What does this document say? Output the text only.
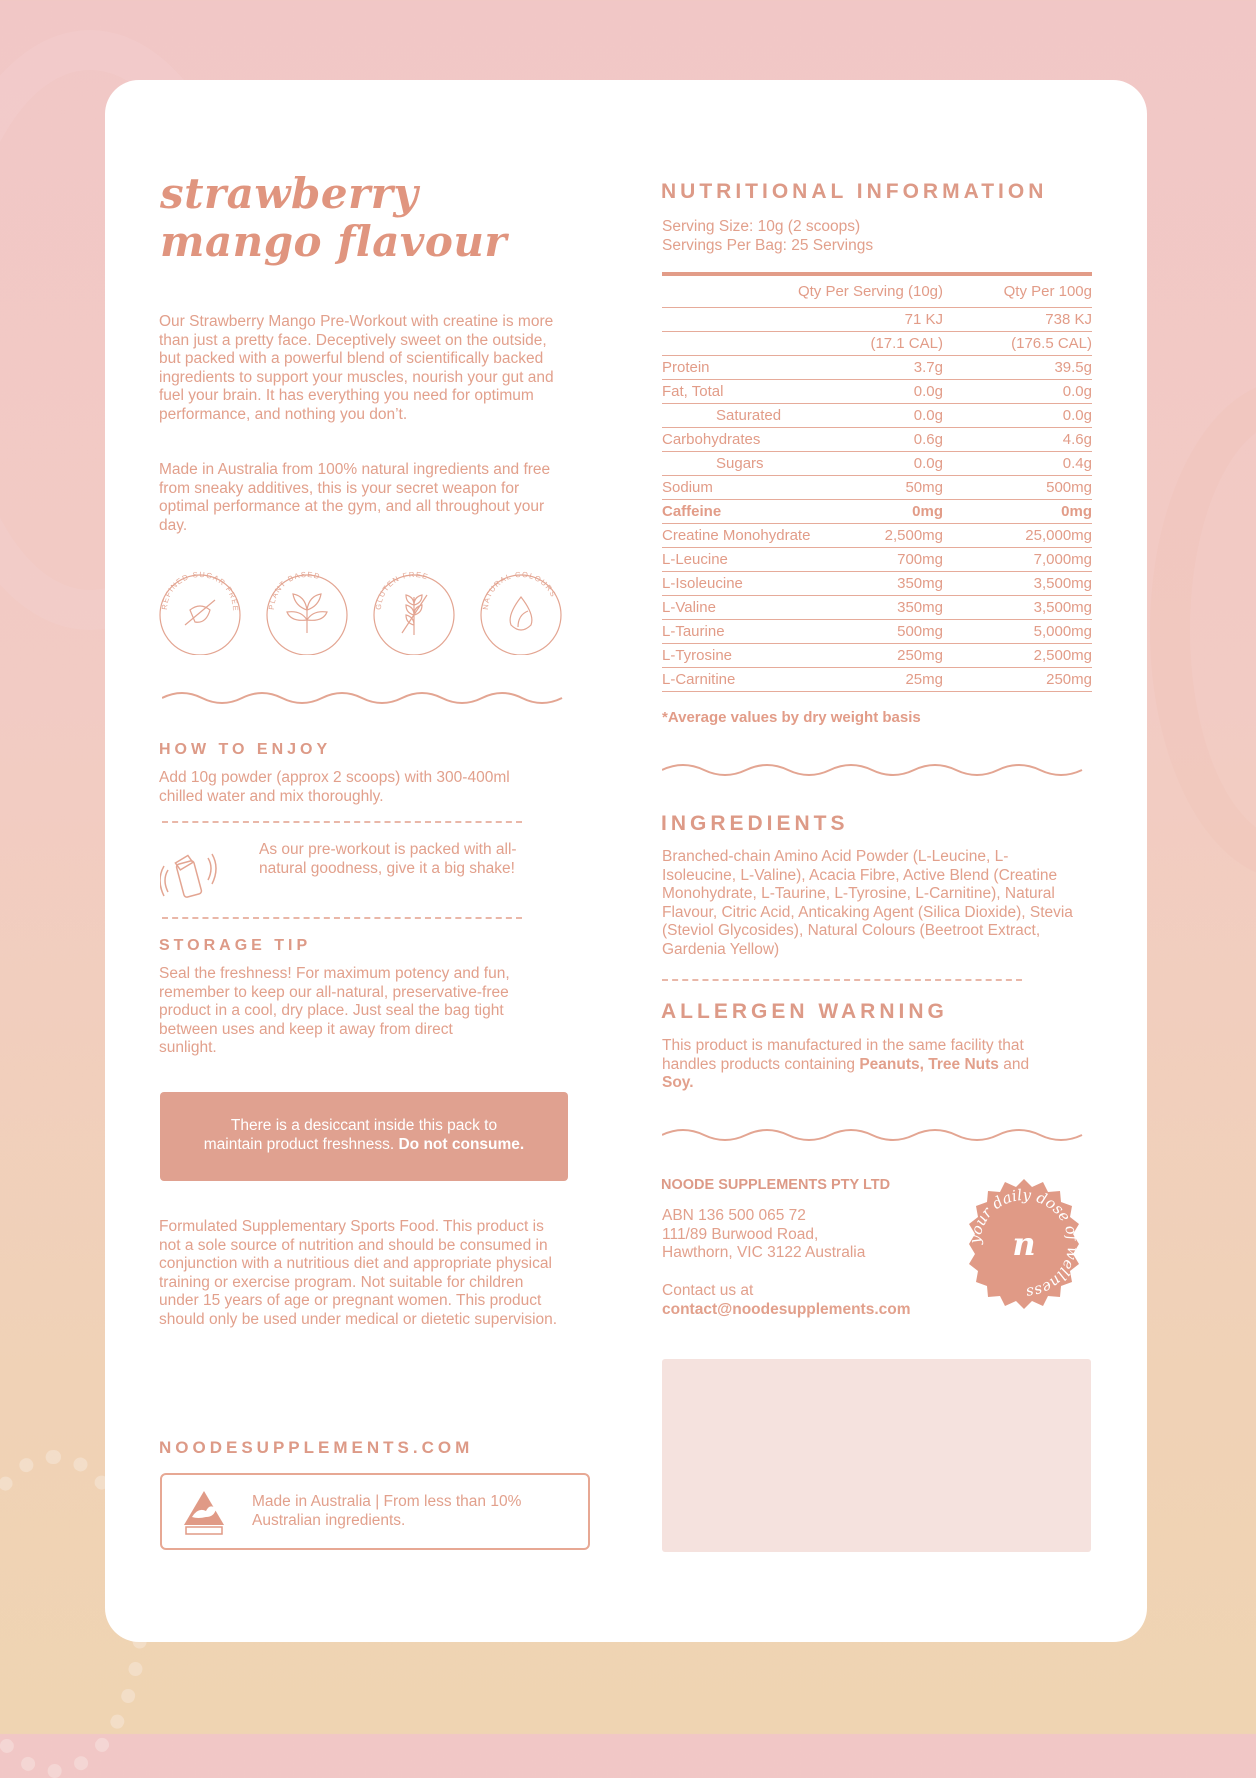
strawberry
mango flavour
Our Strawberry Mango Pre-Workout with creatine is more than just a pretty face. Deceptively sweet on the outside, but packed with a powerful blend of scientifically backed ingredients to support your muscles, nourish your gut and fuel your brain. It has everything you need for optimum performance, and nothing you don’t.
Made in Australia from 100% natural ingredients and free from sneaky additives, this is your secret weapon for optimal performance at the gym, and all throughout your day.
REFINED SUGAR FREE	PLANT BASED
GLUTEN FREE
NATURAL COLOURS
HOW TO ENJOY
Add 10g powder (approx 2 scoops) with 300-400ml chilled water and mix thoroughly.
As our pre-workout is packed with all-natural goodness, give it a big shake!
STORAGE TIP
Seal the freshness! For maximum potency and fun, remember to keep our all-natural, preservative-free product in a cool, dry place. Just seal the bag tight between uses and keep it away from direct sunlight.
There is a desiccant inside this pack to
maintain product freshness. Do not consume.
Formulated Supplementary Sports Food. This product is not a sole source of nutrition and should be consumed in conjunction with a nutritious diet and appropriate physical training or exercise program. Not suitable for children under 15 years of age or pregnant women. This product should only be used under medical or dietetic supervision.
NOODESUPPLEMENTS.COM
Made in Australia | From less than 10% Australian ingredients.
NUTRITIONAL INFORMATION
Serving Size: 10g (2 scoops)
Servings Per Bag: 25 Servings
Qty Per Serving (10g)	Qty Per 100g
71 KJ	738 KJ
(17.1 CAL)	(176.5 CAL)
Protein	3.7g	39.5g
Fat, Total	0.0g	0.0g
Saturated	0.0g	0.0g
Carbohydrates	0.6g	4.6g
Sugars	0.0g	0.4g
Sodium	50mg	500mg
Caffeine	0mg	0mg
Creatine Monohydrate	2,500mg	25,000mg
L-Leucine	700mg	7,000mg
L-Isoleucine	350mg	3,500mg
L-Valine	350mg	3,500mg
L-Taurine	500mg	5,000mg
L-Tyrosine	250mg	2,500mg
L-Carnitine	25mg	250mg
*Average values by dry weight basis
INGREDIENTS
Branched-chain Amino Acid Powder (L-Leucine, L-Isoleucine, L-Valine), Acacia Fibre, Active Blend (Creatine Monohydrate, L-Taurine, L-Tyrosine, L-Carnitine), Natural Flavour, Citric Acid, Anticaking Agent (Silica Dioxide), Stevia (Steviol Glycosides), Natural Colours (Beetroot Extract, Gardenia Yellow)
ALLERGEN WARNING
This product is manufactured in the same facility that handles products containing Peanuts, Tree Nuts and Soy.
NOODE SUPPLEMENTS PTY LTD
ABN 136 500 065 72
111/89 Burwood Road,
Hawthorn, VIC 3122 Australia
Contact us at
contact@noodesupplements.com
your daily dose of wellness
n
